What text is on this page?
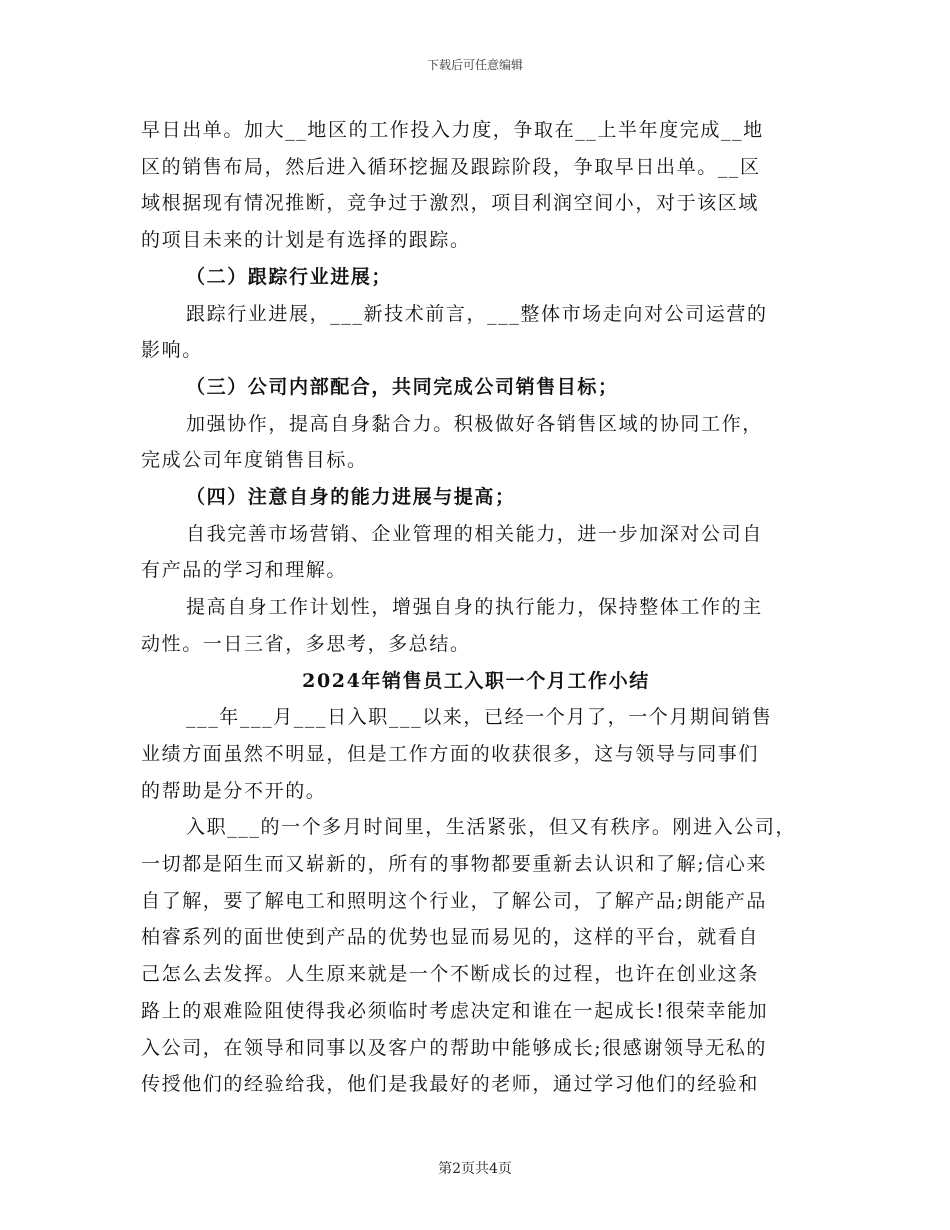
下载后可任意编辑
早日出单。加大__地区的工作投入力度，争取在__上半年度完成__地
区的销售布局，然后进入循环挖掘及跟踪阶段，争取早日出单。__区
域根据现有情况推断，竞争过于激烈，项目利润空间小，对于该区域
的项目未来的计划是有选择的跟踪。
（二）跟踪行业进展；
跟踪行业进展，___新技术前言，___整体市场走向对公司运营的
影响。
（三）公司内部配合，共同完成公司销售目标；
加强协作，提高自身黏合力。积极做好各销售区域的协同工作，
完成公司年度销售目标。
（四）注意自身的能力进展与提高；
自我完善市场营销、企业管理的相关能力，进一步加深对公司自
有产品的学习和理解。
提高自身工作计划性，增强自身的执行能力，保持整体工作的主
动性。一日三省，多思考，多总结。
2024年销售员工入职一个月工作小结
___年___月___日入职___以来，已经一个月了，一个月期间销售
业绩方面虽然不明显，但是工作方面的收获很多，这与领导与同事们
的帮助是分不开的。
入职___的一个多月时间里，生活紧张，但又有秩序。刚进入公司，
一切都是陌生而又崭新的，所有的事物都要重新去认识和了解;信心来
自了解，要了解电工和照明这个行业，了解公司，了解产品;朗能产品
柏睿系列的面世使到产品的优势也显而易见的，这样的平台，就看自
己怎么去发挥。人生原来就是一个不断成长的过程，也许在创业这条
路上的艰难险阻使得我必须临时考虑决定和谁在一起成长!很荣幸能加
入公司，在领导和同事以及客户的帮助中能够成长;很感谢领导无私的
传授他们的经验给我，他们是我最好的老师，通过学习他们的经验和
第2页共4页
